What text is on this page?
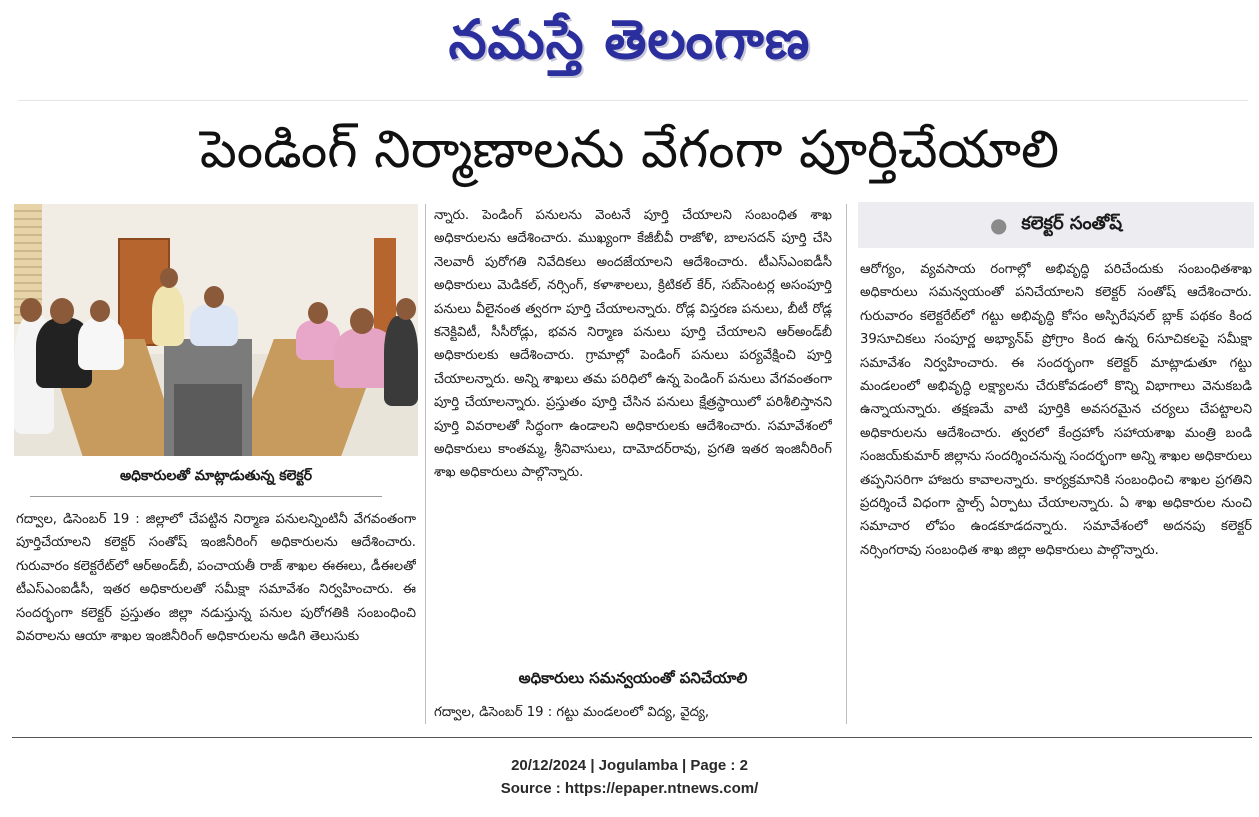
నమస్తే తెలంగాణ
పెండింగ్ నిర్మాణాలను వేగంగా పూర్తిచేయాలి
అధికారులతో మాట్లాడుతున్న కలెక్టర్
గద్వాల, డిసెంబర్ 19 : జిల్లాలో చేపట్టిన నిర్మాణ పనులన్నింటినీ వేగవంతంగా పూర్తిచేయాలని కలెక్టర్ సంతోష్ ఇంజినీరింగ్ అధికారులను ఆదేశించారు. గురువారం కలెక్టరేట్‌లో ఆర్‌అండ్‌బీ, పంచాయతీ రాజ్ శాఖల ఈఈలు, డీఈలతో టీఎస్‌ఎంఐడీసీ, ఇతర అధికారులతో సమీక్షా సమావేశం నిర్వహించారు. ఈ సందర్భంగా కలెక్టర్ ప్రస్తుతం జిల్లా నడుస్తున్న పనుల పురోగతికి సంబంధించి వివరాలను ఆయా శాఖల ఇంజినీరింగ్ అధికారులను అడిగి తెలుసుకు
న్నారు. పెండింగ్ పనులను వెంటనే పూర్తి చేయాలని సంబంధిత శాఖ అధికారులను ఆదేశించారు. ముఖ్యంగా కేజీబీవీ రాజోళి, బాలసదన్ పూర్తి చేసి నెలవారీ పురోగతి నివేదికలు అందజేయాలని ఆదేశించారు. టీఎస్‌ఎంఐడీసీ అధికారులు మెడికల్, నర్సింగ్, కళాశాలలు, క్రిటికల్ కేర్, సబ్‌సెంటర్ల అసంపూర్తి పనులు వీలైనంత త్వరగా పూర్తి చేయాలన్నారు. రోడ్ల విస్తరణ పనులు, బీటీ రోడ్ల కనెక్టివిటీ, సీసీరోడ్లు, భవన నిర్మాణ పనులు పూర్తి చేయాలని ఆర్‌అండ్‌బీ అధికారులకు ఆదేశించారు. గ్రామాల్లో పెండింగ్ పనులు పర్యవేక్షించి పూర్తి చేయాలన్నారు. అన్ని శాఖలు తమ పరిధిలో ఉన్న పెండింగ్ పనులు వేగవంతంగా పూర్తి చేయాలన్నారు. ప్రస్తుతం పూర్తి చేసిన పనులు క్షేత్రస్థాయిలో పరిశీలిస్తానని పూర్తి వివరాలతో సిద్ధంగా ఉండాలని అధికారులకు ఆదేశించారు. సమావేశంలో అధికారులు కాంతమ్మ, శ్రీనివాసులు, దామోదర్‌రావు, ప్రగతి ఇతర ఇంజినీరింగ్ శాఖ అధికారులు పాల్గొన్నారు.
అధికారులు సమన్వయంతో పనిచేయాలి
గద్వాల, డిసెంబర్ 19 : గట్టు మండలంలో విద్య, వైద్య,
● కలెక్టర్ సంతోష్
ఆరోగ్యం, వ్యవసాయ రంగాల్లో అభివృద్ధి పరిచేందుకు సంబంధితశాఖ అధికారులు సమన్వయంతో పనిచేయాలని కలెక్టర్ సంతోష్ ఆదేశించారు. గురువారం కలెక్టరేట్‌లో గట్టు అభివృద్ధి కోసం అస్పిరేషనల్ బ్లాక్ పథకం కింద 39సూచికలు సంపూర్ణ అభ్యాన్‌ప్ ప్రోగ్రాం కింద ఉన్న 6సూచికలపై సమీక్షా సమావేశం నిర్వహించారు. ఈ సందర్భంగా కలెక్టర్ మాట్లాడుతూ గట్టు మండలంలో అభివృద్ధి లక్ష్యాలను చేరుకోవడంలో కొన్ని విభాగాలు వెనుకబడి ఉన్నాయన్నారు. తక్షణమే వాటి పూర్తికి అవసరమైన చర్యలు చేపట్టాలని అధికారులను ఆదేశించారు. త్వరలో కేంద్రహోం సహాయశాఖ మంత్రి బండి సంజయ్‌కుమార్ జిల్లాను సందర్శించనున్న సందర్భంగా అన్ని శాఖల అధికారులు తప్పనిసరిగా హాజరు కావాలన్నారు. కార్యక్రమానికి సంబంధించి శాఖల ప్రగతిని ప్రదర్శించే విధంగా స్టాల్స్ ఏర్పాటు చేయాలన్నారు. ఏ శాఖ అధికారుల నుంచి సమాచార లోపం ఉండకూడదన్నారు. సమావేశంలో అదనపు కలెక్టర్ నర్సింగరావు సంబంధిత శాఖ జిల్లా అధికారులు పాల్గొన్నారు.
20/12/2024 | Jogulamba | Page : 2
Source : https://epaper.ntnews.com/
